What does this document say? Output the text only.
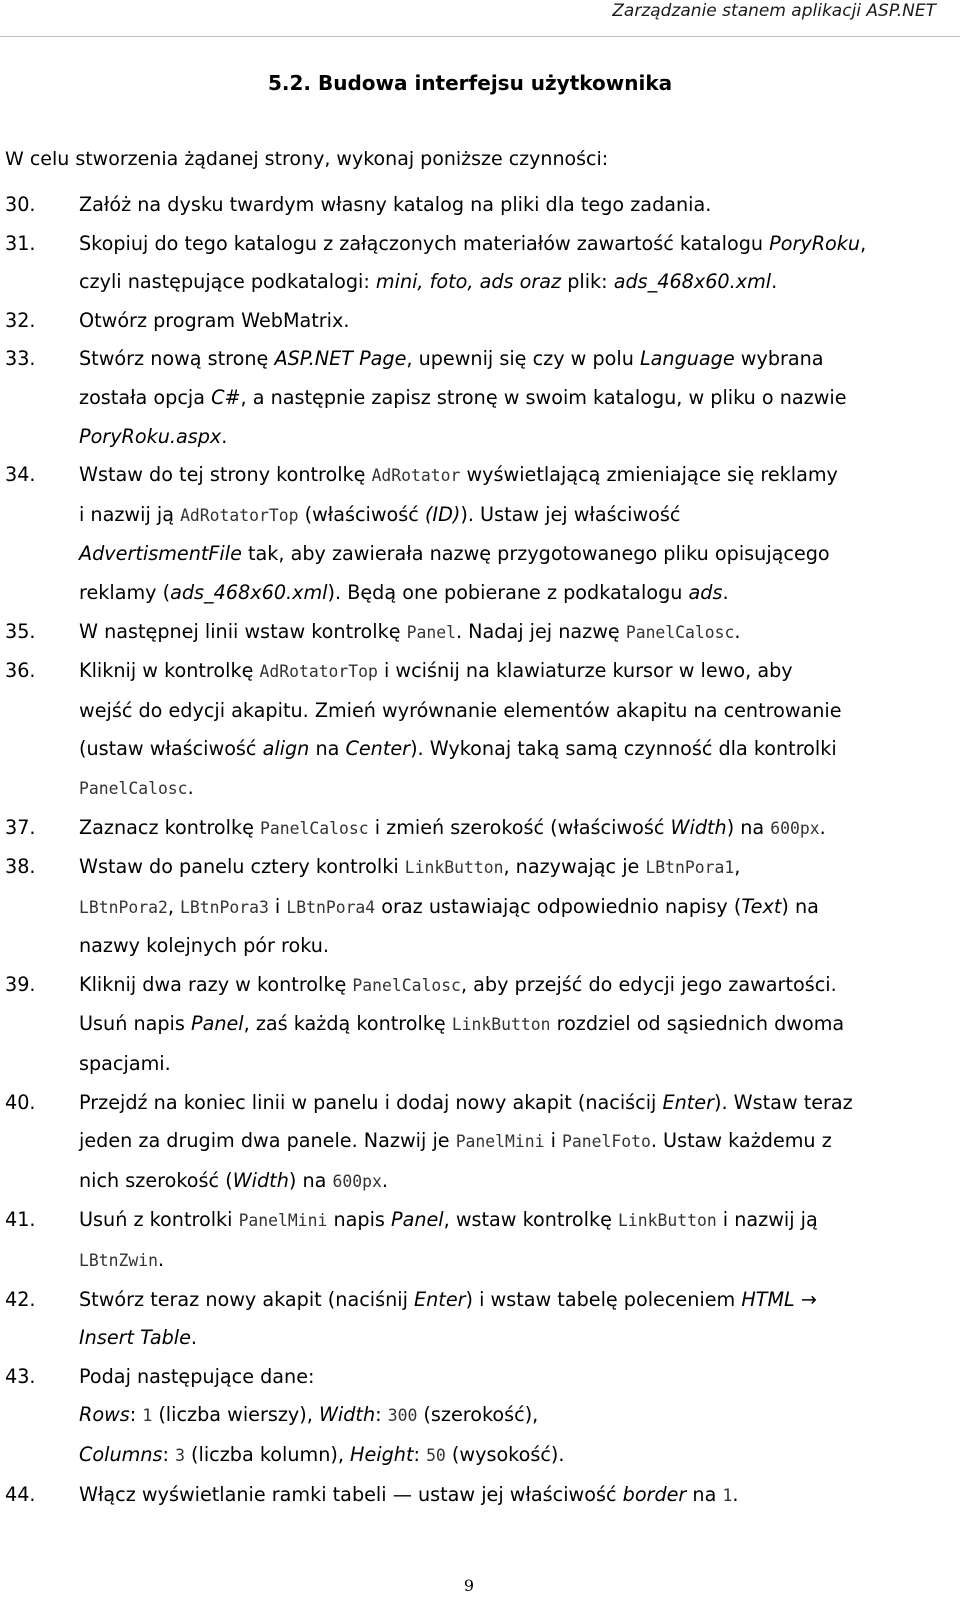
Zarządzanie stanem aplikacji ASP.NET
5.2. Budowa interfejsu użytkownika
W celu stworzenia żądanej strony, wykonaj poniższe czynności:
30.	Załóż na dysku twardym własny katalog na pliki dla tego zadania.
31.	Skopiuj do tego katalogu z załączonych materiałów zawartość katalogu PoryRoku,
czyli następujące podkatalogi: mini, foto, ads oraz plik: ads_468x60.xml.
32.	Otwórz program WebMatrix.
33.	Stwórz nową stronę ASP.NET Page, upewnij się czy w polu Language wybrana
została opcja C#, a następnie zapisz stronę w swoim katalogu, w pliku o nazwie
PoryRoku.aspx.
34.	Wstaw do tej strony kontrolkę AdRotator wyświetlającą zmieniające się reklamy
i nazwij ją AdRotatorTop (właściwość (ID)). Ustaw jej właściwość
AdvertismentFile tak, aby zawierała nazwę przygotowanego pliku opisującego
reklamy (ads_468x60.xml). Będą one pobierane z podkatalogu ads.
35.	W następnej linii wstaw kontrolkę Panel. Nadaj jej nazwę PanelCalosc.
36.	Kliknij w kontrolkę AdRotatorTop i wciśnij na klawiaturze kursor w lewo, aby
wejść do edycji akapitu. Zmień wyrównanie elementów akapitu na centrowanie
(ustaw właściwość align na Center). Wykonaj taką samą czynność dla kontrolki
PanelCalosc.
37.	Zaznacz kontrolkę PanelCalosc i zmień szerokość (właściwość Width) na 600px.
38.	Wstaw do panelu cztery kontrolki LinkButton, nazywając je LBtnPora1,
LBtnPora2, LBtnPora3 i LBtnPora4 oraz ustawiając odpowiednio napisy (Text) na
nazwy kolejnych pór roku.
39.	Kliknij dwa razy w kontrolkę PanelCalosc, aby przejść do edycji jego zawartości.
Usuń napis Panel, zaś każdą kontrolkę LinkButton rozdziel od sąsiednich dwoma
spacjami.
40.	Przejdź na koniec linii w panelu i dodaj nowy akapit (naciścij Enter). Wstaw teraz
jeden za drugim dwa panele. Nazwij je PanelMini i PanelFoto. Ustaw każdemu z
nich szerokość (Width) na 600px.
41.	Usuń z kontrolki PanelMini napis Panel, wstaw kontrolkę LinkButton i nazwij ją
LBtnZwin.
42.	Stwórz teraz nowy akapit (naciśnij Enter) i wstaw tabelę poleceniem HTML →
Insert Table.
43.	Podaj następujące dane:
Rows: 1 (liczba wierszy), Width: 300 (szerokość),
Columns: 3 (liczba kolumn), Height: 50 (wysokość).
44.	Włącz wyświetlanie ramki tabeli — ustaw jej właściwość border na 1.
9
